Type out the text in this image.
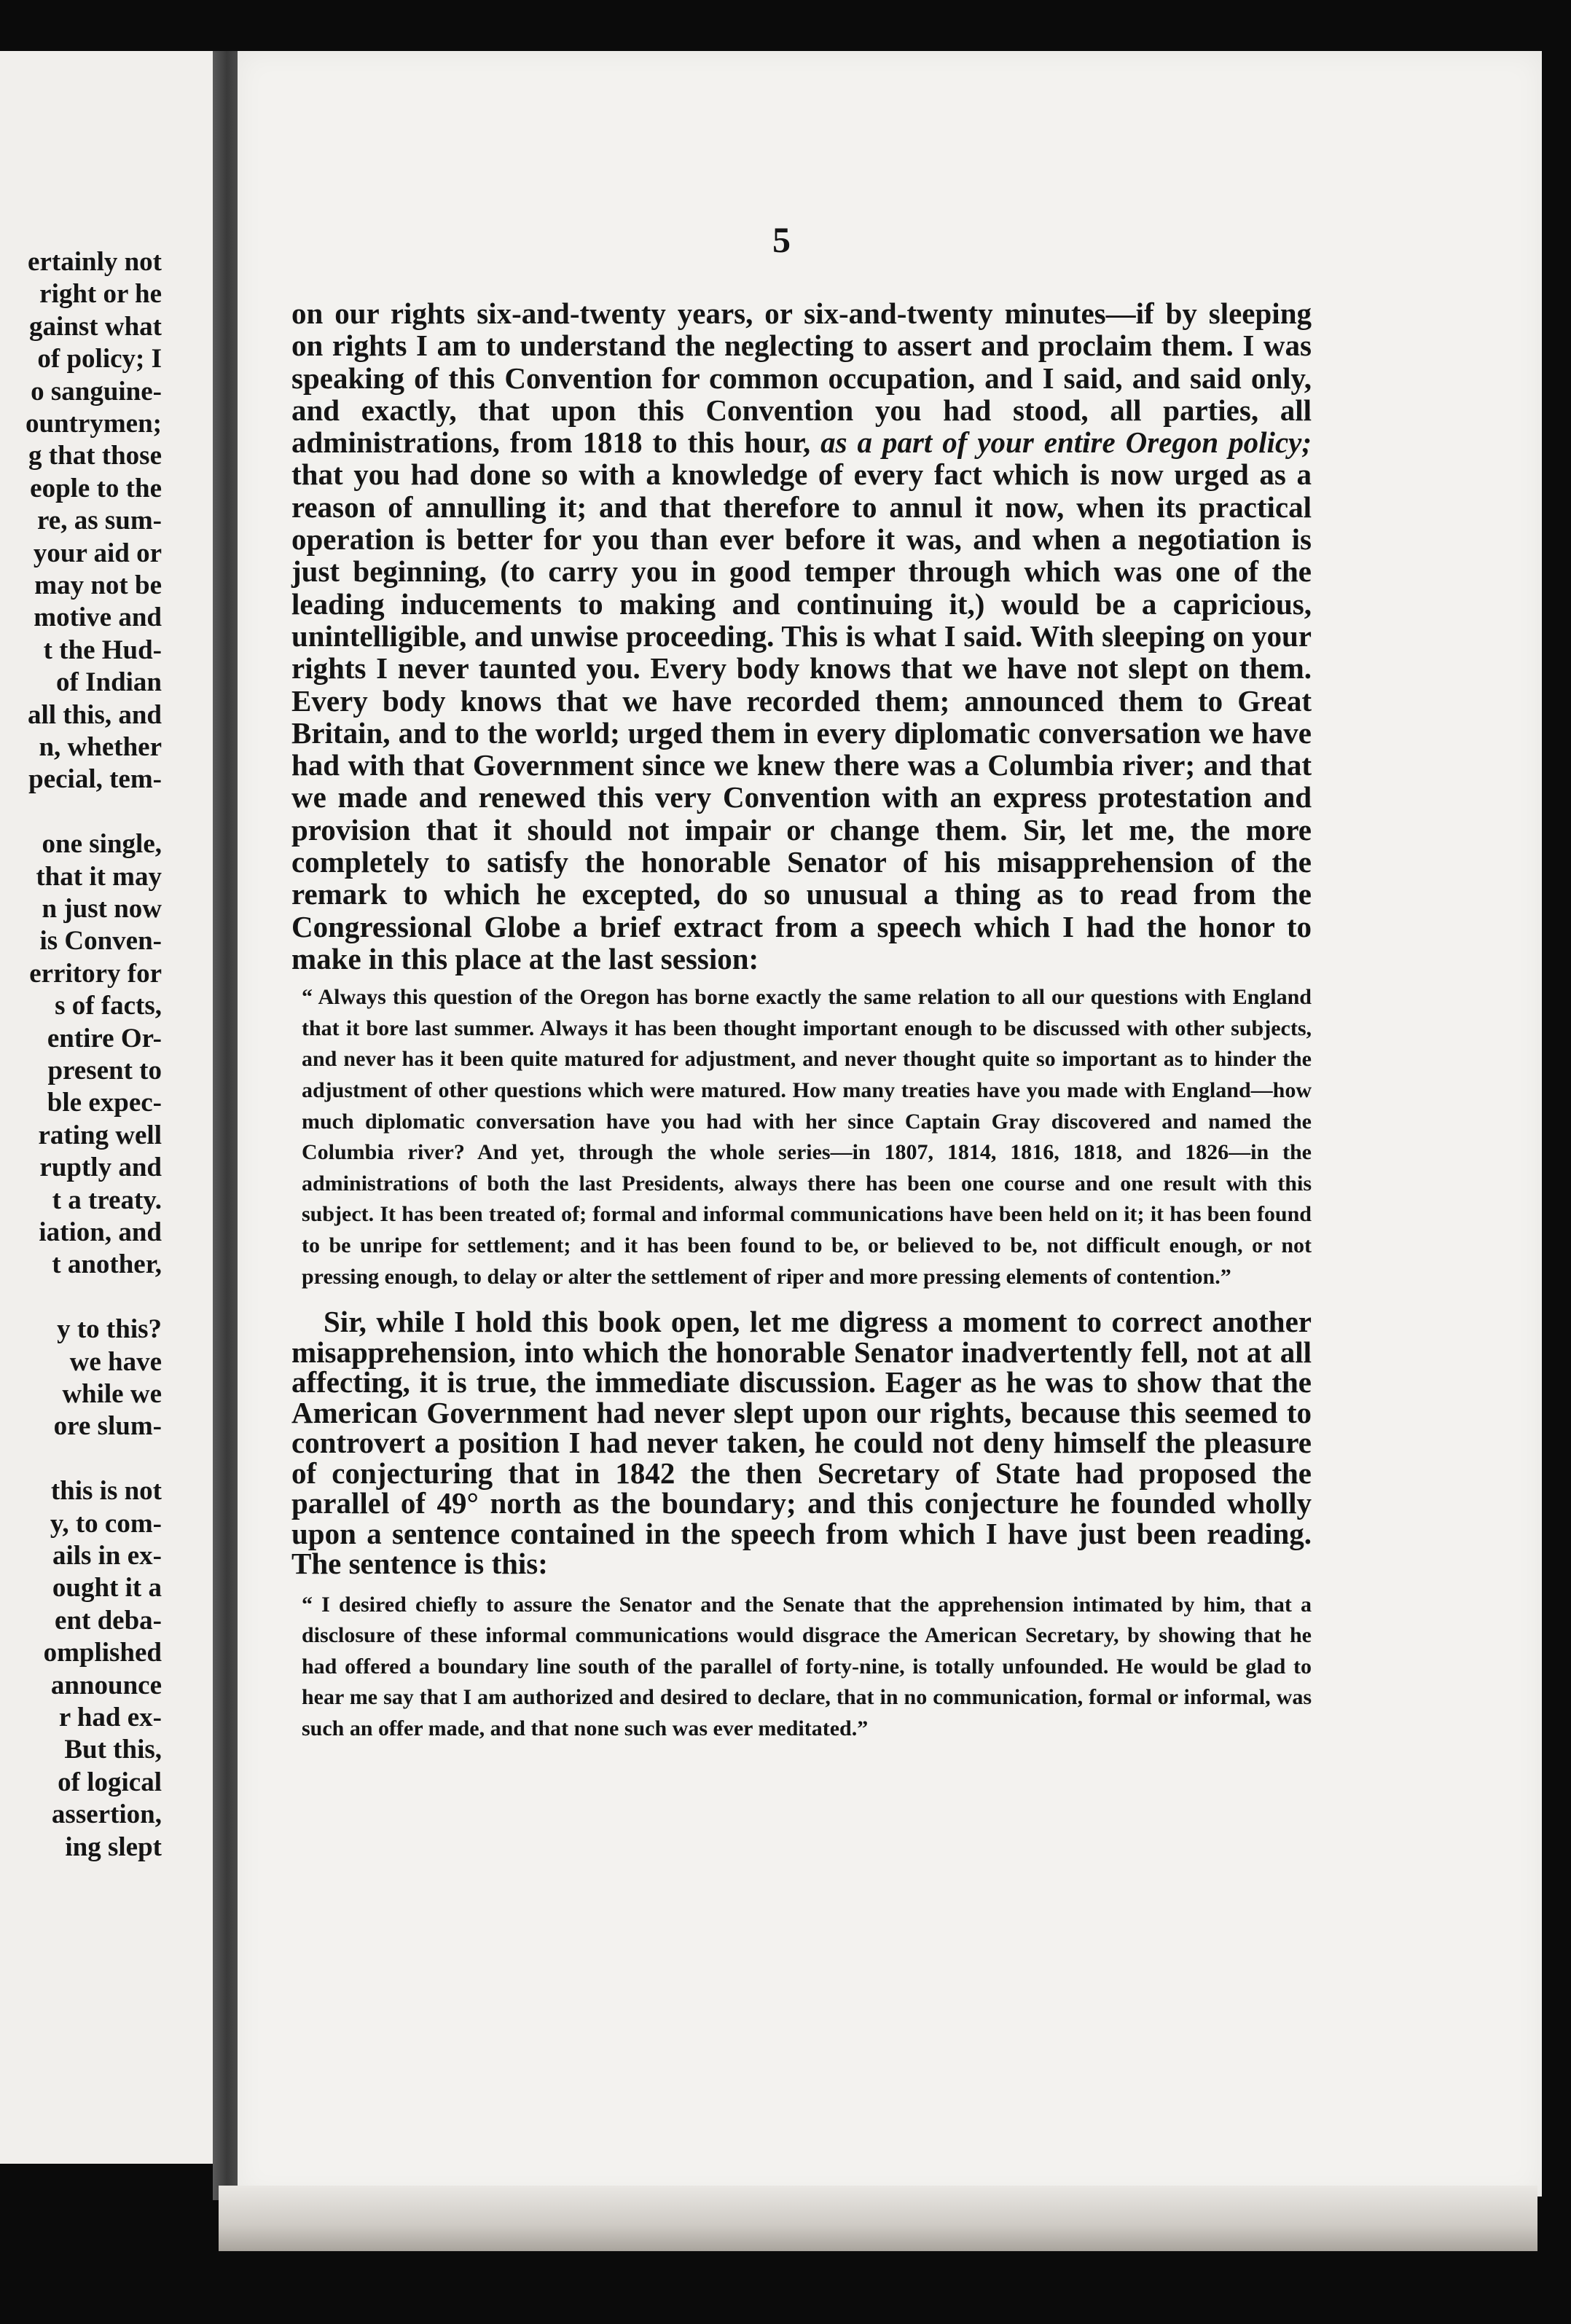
ertainly not
right or he
gainst what
of policy; I
o sanguine-
ountrymen;
g that those
eople to the
re, as sum-
your aid or
may not be
motive and
t the Hud-
of Indian
all this, and
n, whether
pecial, tem-
one single,
that it may
n just now
is Conven-
erritory for
s of facts,
entire Or-
present to
ble expec-
rating well
ruptly and
t a treaty.
iation, and
t another,
y to this?
we have
while we
ore slum-
this is not
y, to com-
ails in ex-
ought it a
ent deba-
omplished
announce
r had ex-
But this,
of logical
assertion,
ing slept
5

on our rights six-and-twenty years, or six-and-twenty minutes—if by sleeping on rights I am to understand the neglecting to assert and proclaim them. I was speaking of this Convention for common occupation, and I said, and said only, and exactly, that upon this Convention you had stood, all parties, all administrations, from 1818 to this hour, as a part of your entire Oregon policy; that you had done so with a knowledge of every fact which is now urged as a reason of annulling it; and that therefore to annul it now, when its practical operation is better for you than ever before it was, and when a negotiation is just beginning, (to carry you in good temper through which was one of the leading inducements to making and continuing it,) would be a capricious, unintelligible, and unwise proceeding. This is what I said. With sleeping on your rights I never taunted you. Every body knows that we have not slept on them. Every body knows that we have recorded them; announced them to Great Britain, and to the world; urged them in every diplomatic conversation we have had with that Government since we knew there was a Columbia river; and that we made and renewed this very Convention with an express protestation and provision that it should not impair or change them. Sir, let me, the more completely to satisfy the honorable Senator of his misapprehension of the remark to which he excepted, do so unusual a thing as to read from the Congressional Globe a brief extract from a speech which I had the honor to make in this place at the last session:

“ Always this question of the Oregon has borne exactly the same relation to all our questions with England that it bore last summer. Always it has been thought important enough to be discussed with other subjects, and never has it been quite matured for adjustment, and never thought quite so important as to hinder the adjustment of other questions which were matured. How many treaties have you made with England—how much diplomatic conversation have you had with her since Captain Gray discovered and named the Columbia river? And yet, through the whole series—in 1807, 1814, 1816, 1818, and 1826—in the administrations of both the last Presidents, always there has been one course and one result with this subject. It has been treated of; formal and informal communications have been held on it; it has been found to be unripe for settlement; and it has been found to be, or believed to be, not difficult enough, or not pressing enough, to delay or alter the settlement of riper and more pressing elements of contention.”

Sir, while I hold this book open, let me digress a moment to correct another misapprehension, into which the honorable Senator inadvertently fell, not at all affecting, it is true, the immediate discussion. Eager as he was to show that the American Government had never slept upon our rights, because this seemed to controvert a position I had never taken, he could not deny himself the pleasure of conjecturing that in 1842 the then Secretary of State had proposed the parallel of 49° north as the boundary; and this conjecture he founded wholly upon a sentence contained in the speech from which I have just been reading. The sentence is this:

“ I desired chiefly to assure the Senator and the Senate that the apprehension intimated by him, that a disclosure of these informal communications would disgrace the American Secretary, by showing that he had offered a boundary line south of the parallel of forty-nine, is totally unfounded. He would be glad to hear me say that I am authorized and desired to declare, that in no communication, formal or informal, was such an offer made, and that none such was ever meditated.”
